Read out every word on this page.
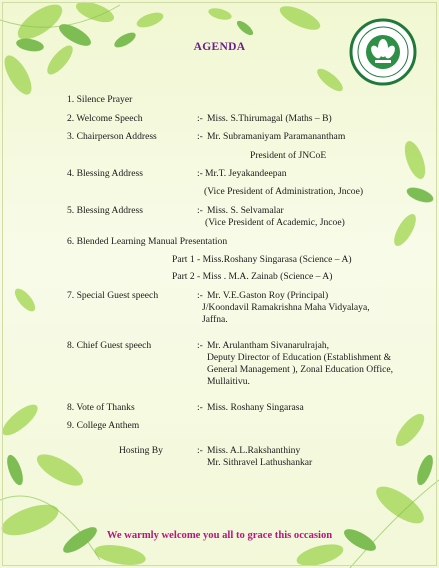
AGENDA
1. Silence Prayer
2. Welcome Speech	:- Miss. S.Thirumagal (Maths – B)
3. Chairperson Address	:- Mr. Subramaniyam Paramanantham
President of JNCoE
4. Blessing Address	:- Mr.T. Jeyakandeepan
(Vice President of Administration, Jncoe)
5. Blessing Address	:- Miss. S. Selvamalar
(Vice President of Academic, Jncoe)
6. Blended Learning Manual Presentation
Part 1 - Miss.Roshany Singarasa (Science – A)
Part 2 - Miss . M.A. Zainab (Science – A)
7. Special Guest speech	:- Mr. V.E.Gaston Roy (Principal)
J/Koondavil Ramakrishna Maha Vidyalaya,
Jaffna.
8. Chief Guest speech	:- Mr. Arulantham Sivanarulrajah,
Deputy Director of Education (Establishment &
General Management ), Zonal Education Office,
Mullaitivu.
8. Vote of Thanks	:- Miss. Roshany Singarasa
9. College Anthem
Hosting By	:- Miss. A.L.Rakshanthiny
Mr. Sithravel Lathushankar
We warmly welcome you all to grace this occasion
